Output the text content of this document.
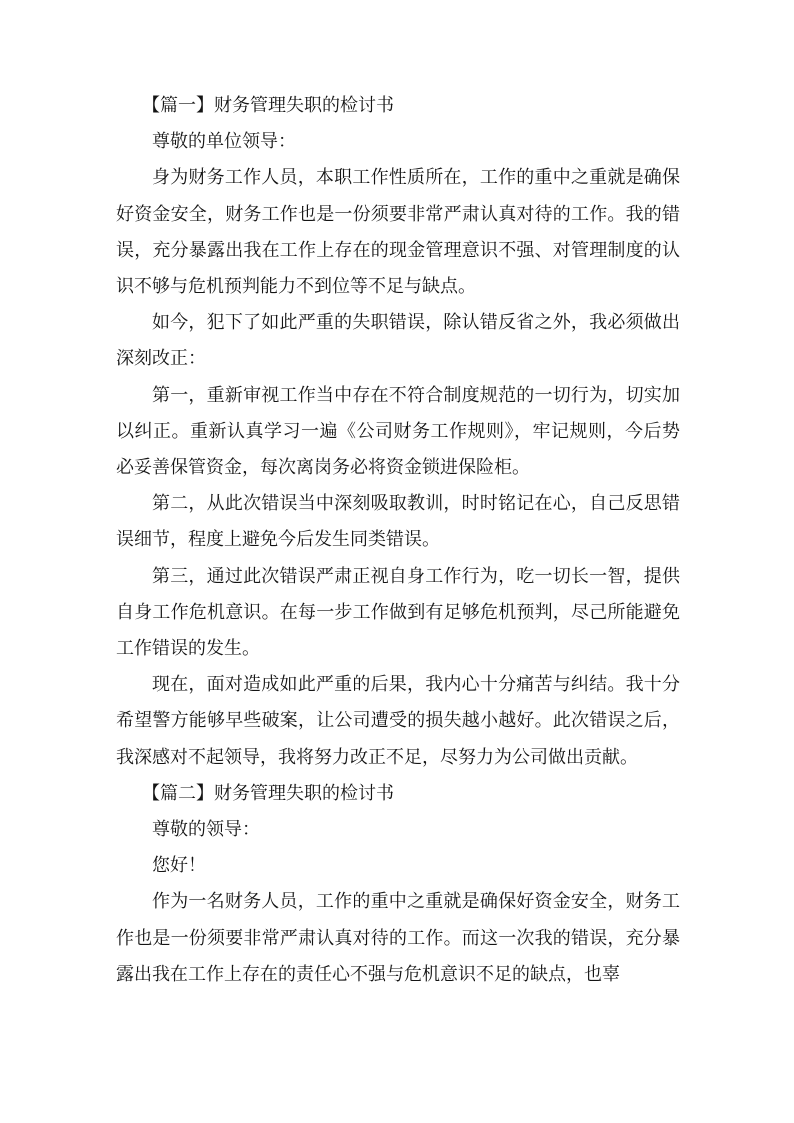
【篇一】财务管理失职的检讨书

尊敬的单位领导：

身为财务工作人员，本职工作性质所在，工作的重中之重就是确保好资金安全，财务工作也是一份须要非常严肃认真对待的工作。我的错误，充分暴露出我在工作上存在的现金管理意识不强、对管理制度的认识不够与危机预判能力不到位等不足与缺点。

如今，犯下了如此严重的失职错误，除认错反省之外，我必须做出深刻改正：

第一，重新审视工作当中存在不符合制度规范的一切行为，切实加以纠正。重新认真学习一遍《公司财务工作规则》，牢记规则，今后势必妥善保管资金，每次离岗务必将资金锁进保险柜。

第二，从此次错误当中深刻吸取教训，时时铭记在心，自己反思错误细节，程度上避免今后发生同类错误。

第三，通过此次错误严肃正视自身工作行为，吃一切长一智，提供自身工作危机意识。在每一步工作做到有足够危机预判，尽己所能避免工作错误的发生。

现在，面对造成如此严重的后果，我内心十分痛苦与纠结。我十分希望警方能够早些破案，让公司遭受的损失越小越好。此次错误之后，我深感对不起领导，我将努力改正不足，尽努力为公司做出贡献。

【篇二】财务管理失职的检讨书

尊敬的领导：

您好！

作为一名财务人员，工作的重中之重就是确保好资金安全，财务工作也是一份须要非常严肃认真对待的工作。而这一次我的错误，充分暴露出我在工作上存在的责任心不强与危机意识不足的缺点，也辜
